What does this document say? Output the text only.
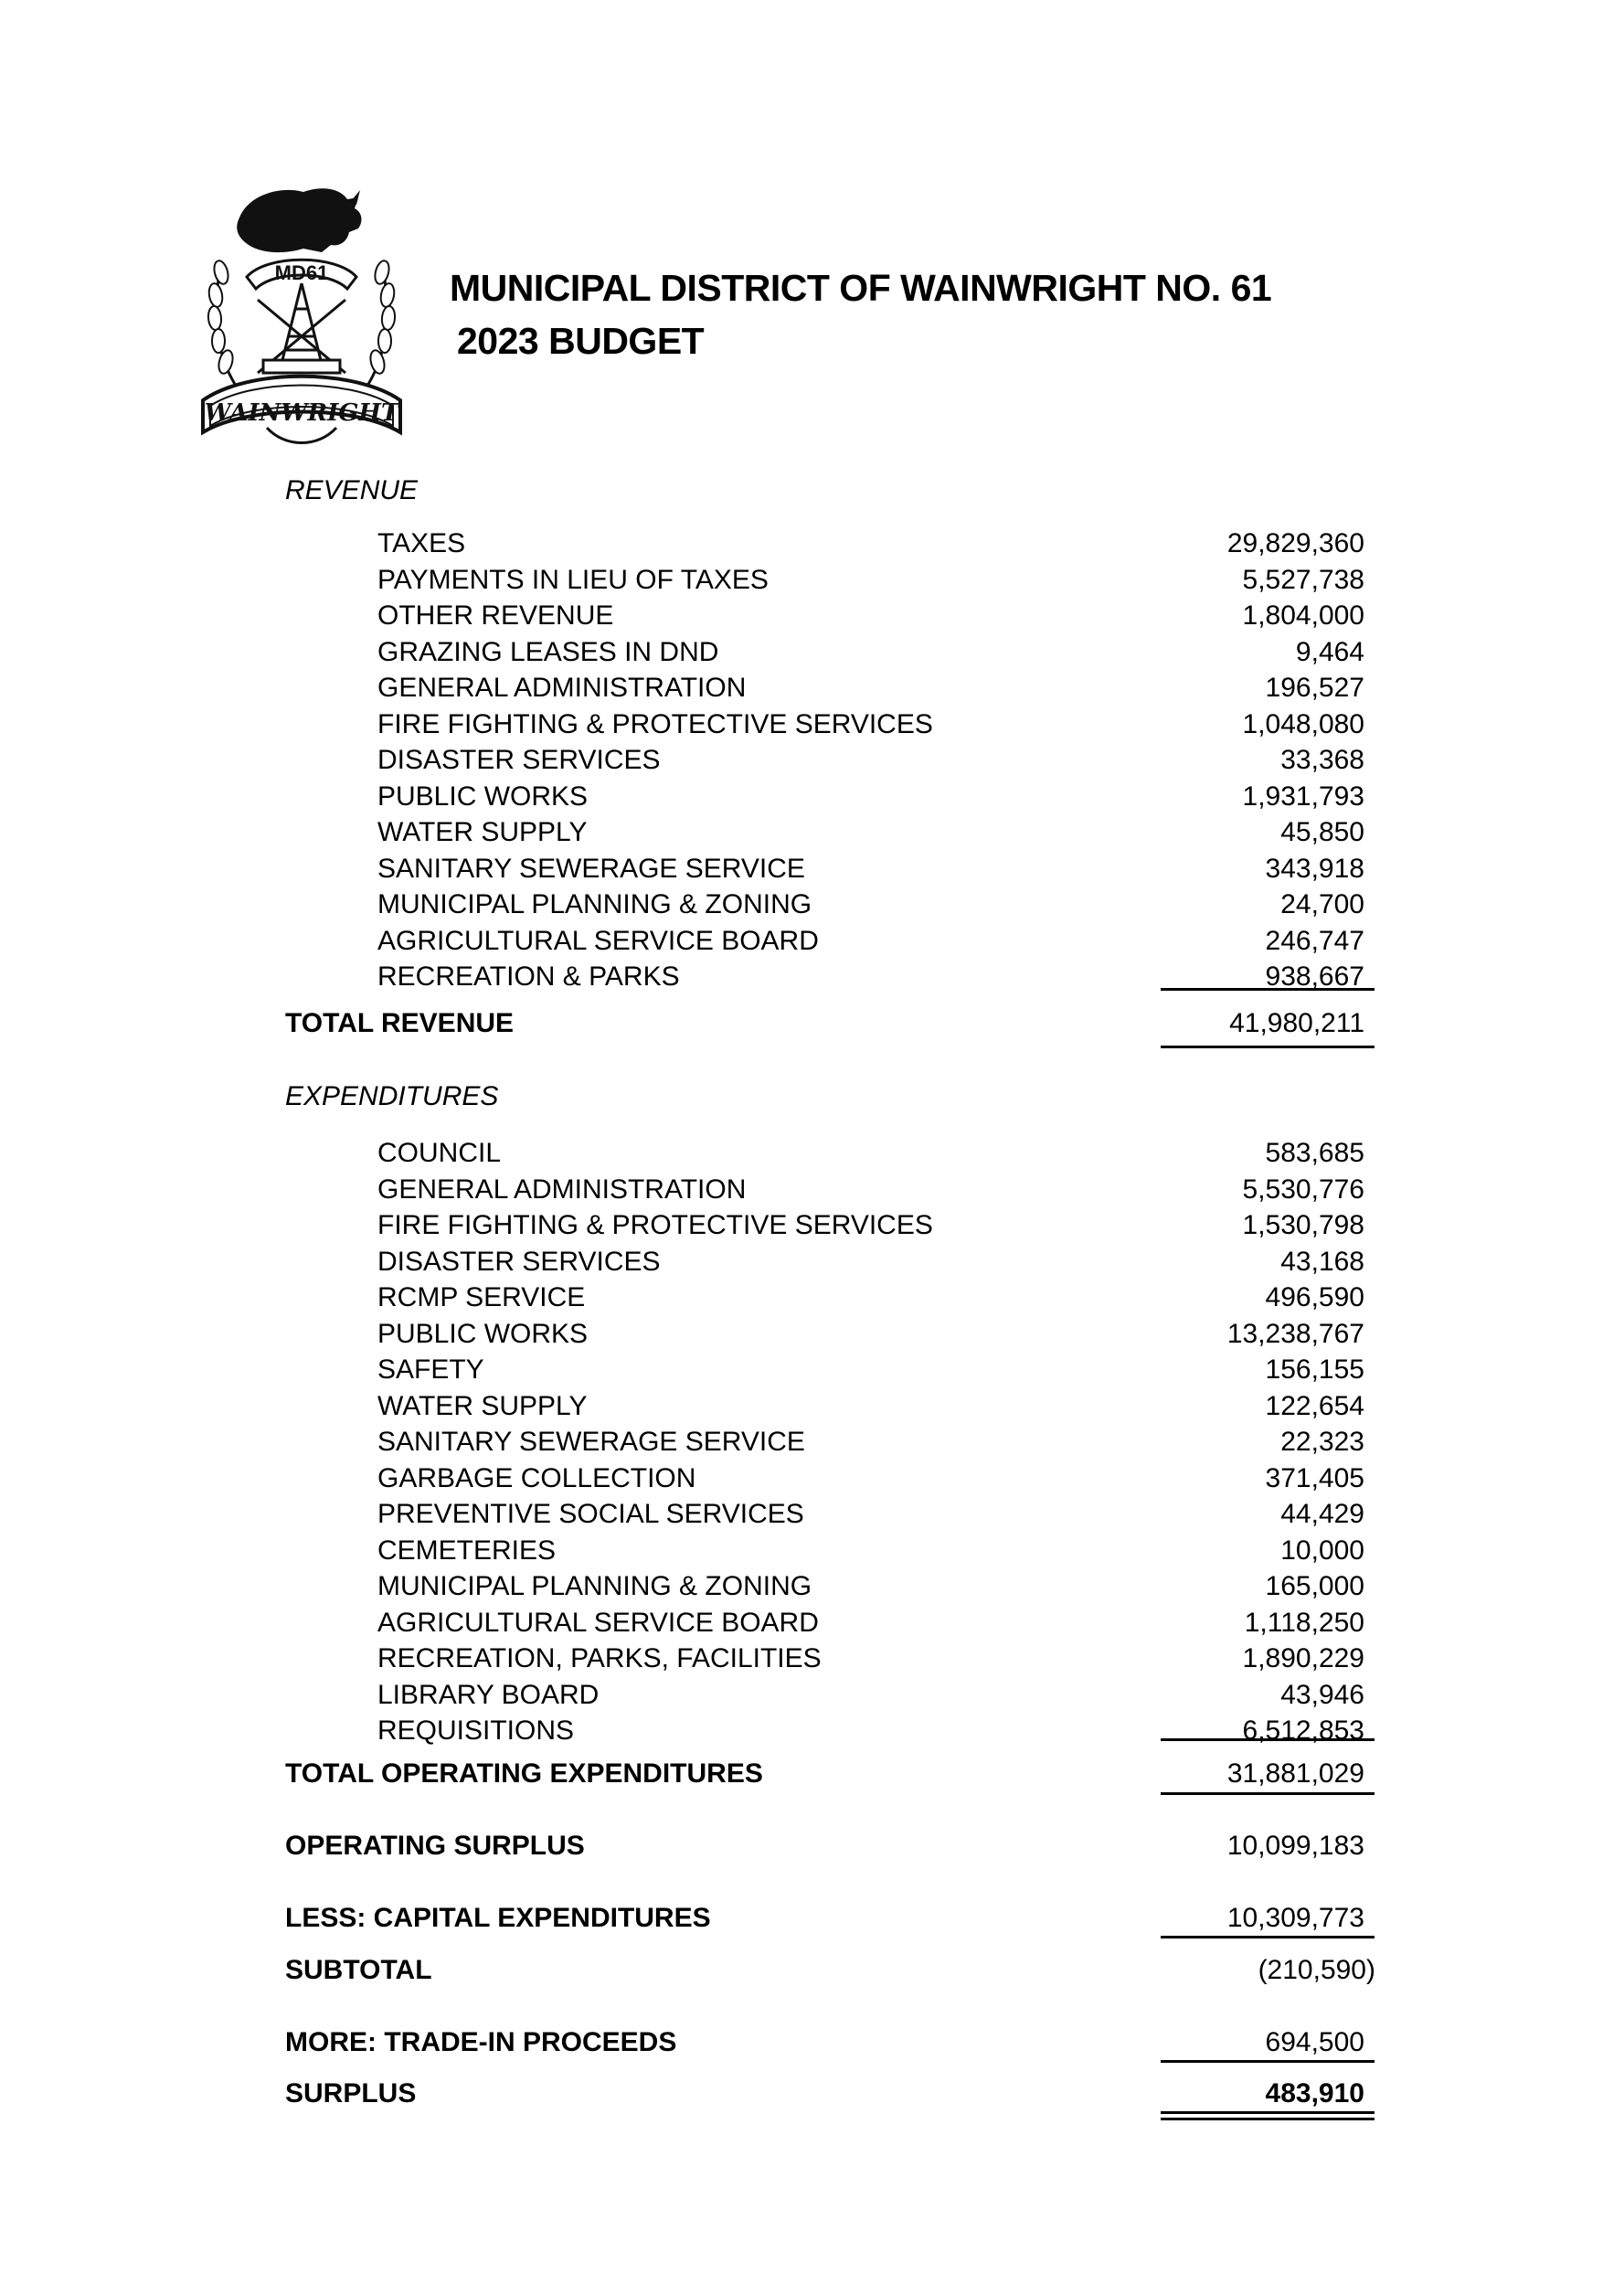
MD61
WAINWRIGHT
MUNICIPAL DISTRICT OF WAINWRIGHT NO. 61
2023 BUDGET
REVENUE
TAXES	29,829,360
PAYMENTS IN LIEU OF TAXES	5,527,738
OTHER REVENUE	1,804,000
GRAZING LEASES IN DND	9,464
GENERAL ADMINISTRATION	196,527
FIRE FIGHTING & PROTECTIVE SERVICES	1,048,080
DISASTER SERVICES	33,368
PUBLIC WORKS	1,931,793
WATER SUPPLY	45,850
SANITARY SEWERAGE SERVICE	343,918
MUNICIPAL PLANNING & ZONING	24,700
AGRICULTURAL SERVICE BOARD	246,747
RECREATION & PARKS	938,667
TOTAL REVENUE	41,980,211
EXPENDITURES
COUNCIL	583,685
GENERAL ADMINISTRATION	5,530,776
FIRE FIGHTING & PROTECTIVE SERVICES	1,530,798
DISASTER SERVICES	43,168
RCMP SERVICE	496,590
PUBLIC WORKS	13,238,767
SAFETY	156,155
WATER SUPPLY	122,654
SANITARY SEWERAGE SERVICE	22,323
GARBAGE COLLECTION	371,405
PREVENTIVE SOCIAL SERVICES	44,429
CEMETERIES	10,000
MUNICIPAL PLANNING & ZONING	165,000
AGRICULTURAL SERVICE BOARD	1,118,250
RECREATION, PARKS, FACILITIES	1,890,229
LIBRARY BOARD	43,946
REQUISITIONS	6,512,853
TOTAL OPERATING EXPENDITURES	31,881,029
OPERATING SURPLUS	10,099,183
LESS: CAPITAL EXPENDITURES	10,309,773
SUBTOTAL	(210,590)
MORE: TRADE-IN PROCEEDS	694,500
SURPLUS	483,910
